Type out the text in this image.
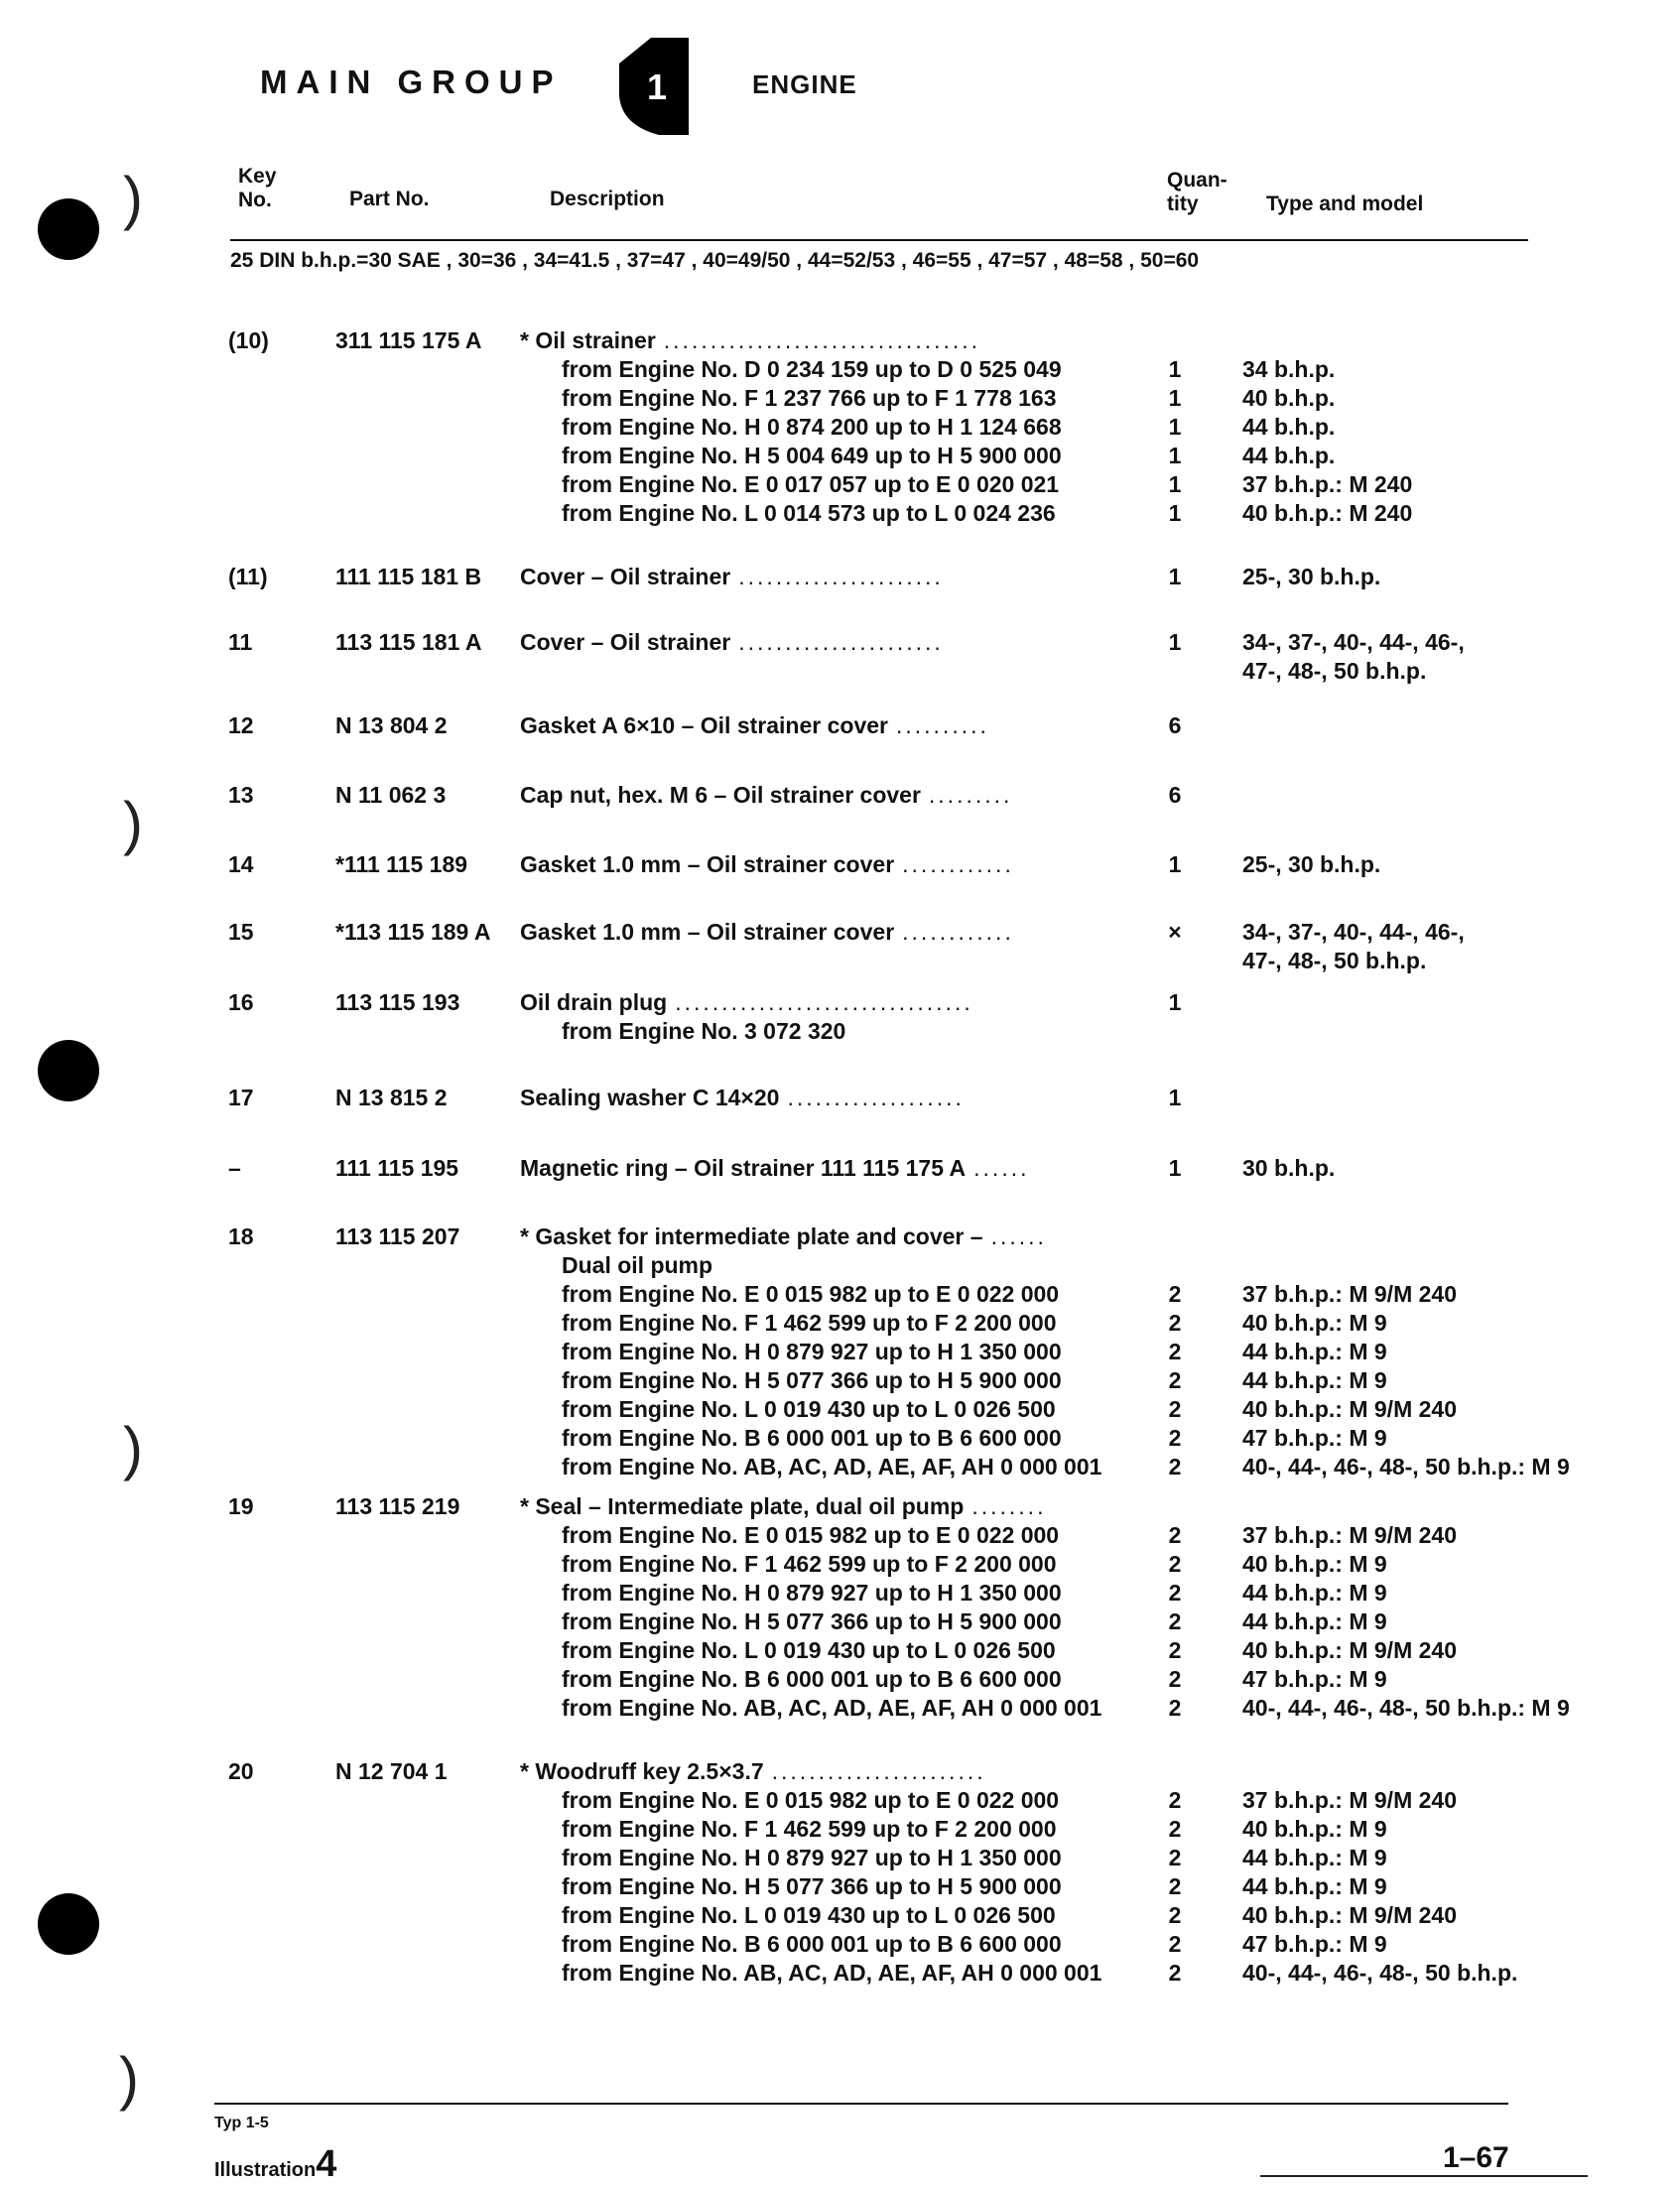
MAIN GROUP 1	ENGINE
Key
No.	Part No.	Description
Quan-
tity	Type and model
25 DIN b.h.p.=30 SAE , 30=36 , 34=41.5 , 37=47 , 40=49/50 , 44=52/53 , 46=55 , 47=57 , 48=58 , 50=60
(10)	311 115 175 A * Oil strainer ..................................
from Engine No. D 0 234 159 up to D 0 525 049	1	34 b.h.p.
from Engine No. F 1 237 766 up to F 1 778 163	1	40 b.h.p.
from Engine No. H 0 874 200 up to H 1 124 668	1	44 b.h.p.
from Engine No. H 5 004 649 up to H 5 900 000	1	44 b.h.p.
from Engine No. E 0 017 057 up to E 0 020 021	1	37 b.h.p.: M 240
from Engine No. L 0 014 573 up to L 0 024 236	1	40 b.h.p.: M 240
(11)	111 115 181 B Cover – Oil strainer ......................	1	25-, 30 b.h.p.
11	113 115 181 A Cover – Oil strainer ......................	1	34-, 37-, 40-, 44-, 46-,
47-, 48-, 50 b.h.p.
12	N 13 804 2	Gasket A 6×10 – Oil strainer cover ..........	6
13	N 11 062 3	Cap nut, hex. M 6 – Oil strainer cover .........	6
14	*111 115 189 Gasket 1.0 mm – Oil strainer cover ............	1	25-, 30 b.h.p.
15	*113 115 189 A Gasket 1.0 mm – Oil strainer cover ............	×	34-, 37-, 40-, 44-, 46-,
47-, 48-, 50 b.h.p.
16	113 115 193	Oil drain plug ................................	1
from Engine No. 3 072 320
17	N 13 815 2	Sealing washer C 14×20 ...................	1
–	111 115 195	Magnetic ring – Oil strainer 111 115 175 A ......	1	30 b.h.p.
18	113 115 207	* Gasket for intermediate plate and cover – ......
Dual oil pump
from Engine No. E 0 015 982 up to E 0 022 000	2	37 b.h.p.: M 9/M 240
from Engine No. F 1 462 599 up to F 2 200 000	2	40 b.h.p.: M 9
from Engine No. H 0 879 927 up to H 1 350 000	2	44 b.h.p.: M 9
from Engine No. H 5 077 366 up to H 5 900 000	2	44 b.h.p.: M 9
from Engine No. L 0 019 430 up to L 0 026 500	2	40 b.h.p.: M 9/M 240
from Engine No. B 6 000 001 up to B 6 600 000	2	47 b.h.p.: M 9
from Engine No. AB, AC, AD, AE, AF, AH 0 000 001	2	40-, 44-, 46-, 48-, 50 b.h.p.: M 9
19	113 115 219	* Seal – Intermediate plate, dual oil pump ........
from Engine No. E 0 015 982 up to E 0 022 000	2	37 b.h.p.: M 9/M 240
from Engine No. F 1 462 599 up to F 2 200 000	2	40 b.h.p.: M 9
from Engine No. H 0 879 927 up to H 1 350 000	2	44 b.h.p.: M 9
from Engine No. H 5 077 366 up to H 5 900 000	2	44 b.h.p.: M 9
from Engine No. L 0 019 430 up to L 0 026 500	2	40 b.h.p.: M 9/M 240
from Engine No. B 6 000 001 up to B 6 600 000	2	47 b.h.p.: M 9
from Engine No. AB, AC, AD, AE, AF, AH 0 000 001	2	40-, 44-, 46-, 48-, 50 b.h.p.: M 9
20	N 12 704 1	* Woodruff key 2.5×3.7 .......................
from Engine No. E 0 015 982 up to E 0 022 000	2	37 b.h.p.: M 9/M 240
from Engine No. F 1 462 599 up to F 2 200 000	2	40 b.h.p.: M 9
from Engine No. H 0 879 927 up to H 1 350 000	2	44 b.h.p.: M 9
from Engine No. H 5 077 366 up to H 5 900 000	2	44 b.h.p.: M 9
from Engine No. L 0 019 430 up to L 0 026 500	2	40 b.h.p.: M 9/M 240
from Engine No. B 6 000 001 up to B 6 600 000	2	47 b.h.p.: M 9
from Engine No. AB, AC, AD, AE, AF, AH 0 000 001	2	40-, 44-, 46-, 48-, 50 b.h.p.
Typ 1-5
Illustration4	1–67
)
)
)
)
